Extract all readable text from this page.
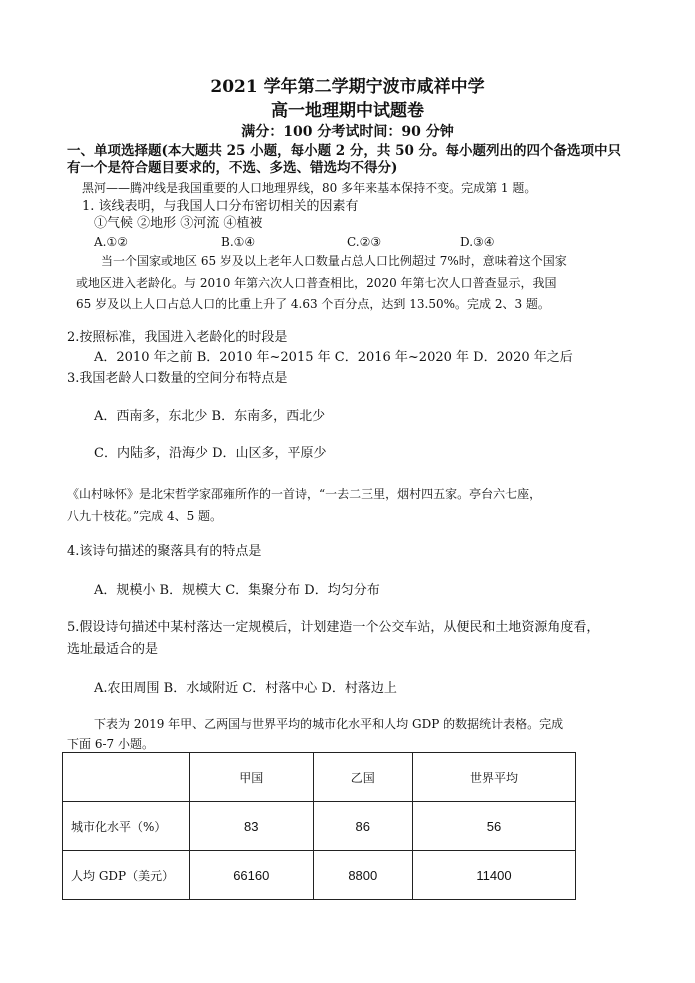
2021 学年第二学期宁波市咸祥中学
高一地理期中试题卷
满分：100 分考试时间：90 分钟
一、单项选择题(本大题共 25 小题，每小题 2 分，共 50 分。每小题列出的四个备选项中只
有一个是符合题目要求的，不选、多选、错选均不得分)
黑河——腾冲线是我国重要的人口地理界线，80 多年来基本保持不变。完成第 1 题。
1. 该线表明，与我国人口分布密切相关的因素有
①气候 ②地形 ③河流 ④植被
A.①②	B.①④	C.②③	D.③④
当一个国家或地区 65 岁及以上老年人口数量占总人口比例超过 7%时，意味着这个国家
或地区进入老龄化。与 2010 年第六次人口普查相比，2020 年第七次人口普查显示，我国
65 岁及以上人口占总人口的比重上升了 4.63 个百分点，达到 13.50%。完成 2、3 题。
2.按照标准，我国进入老龄化的时段是
A．2010 年之前 B．2010 年~2015 年 C．2016 年~2020 年 D．2020 年之后
3.我国老龄人口数量的空间分布特点是
A．西南多，东北少 B．东南多，西北少
C．内陆多，沿海少 D．山区多，平原少
《山村咏怀》是北宋哲学家邵雍所作的一首诗，“一去二三里，烟村四五家。亭台六七座，
八九十枝花。”完成 4、5 题。
4.该诗句描述的聚落具有的特点是
A．规模小 B．规模大 C．集聚分布 D．均匀分布
5.假设诗句描述中某村落达一定规模后，计划建造一个公交车站，从便民和土地资源角度看，
选址最适合的是
A.农田周围 B．水域附近 C．村落中心 D．村落边上
下表为 2019 年甲、乙两国与世界平均的城市化水平和人均 GDP 的数据统计表格。完成
下面 6-7 小题。
	甲国	乙国	世界平均
城市化水平（%）	83	86	56
人均 GDP（美元）	66160	8800	11400
